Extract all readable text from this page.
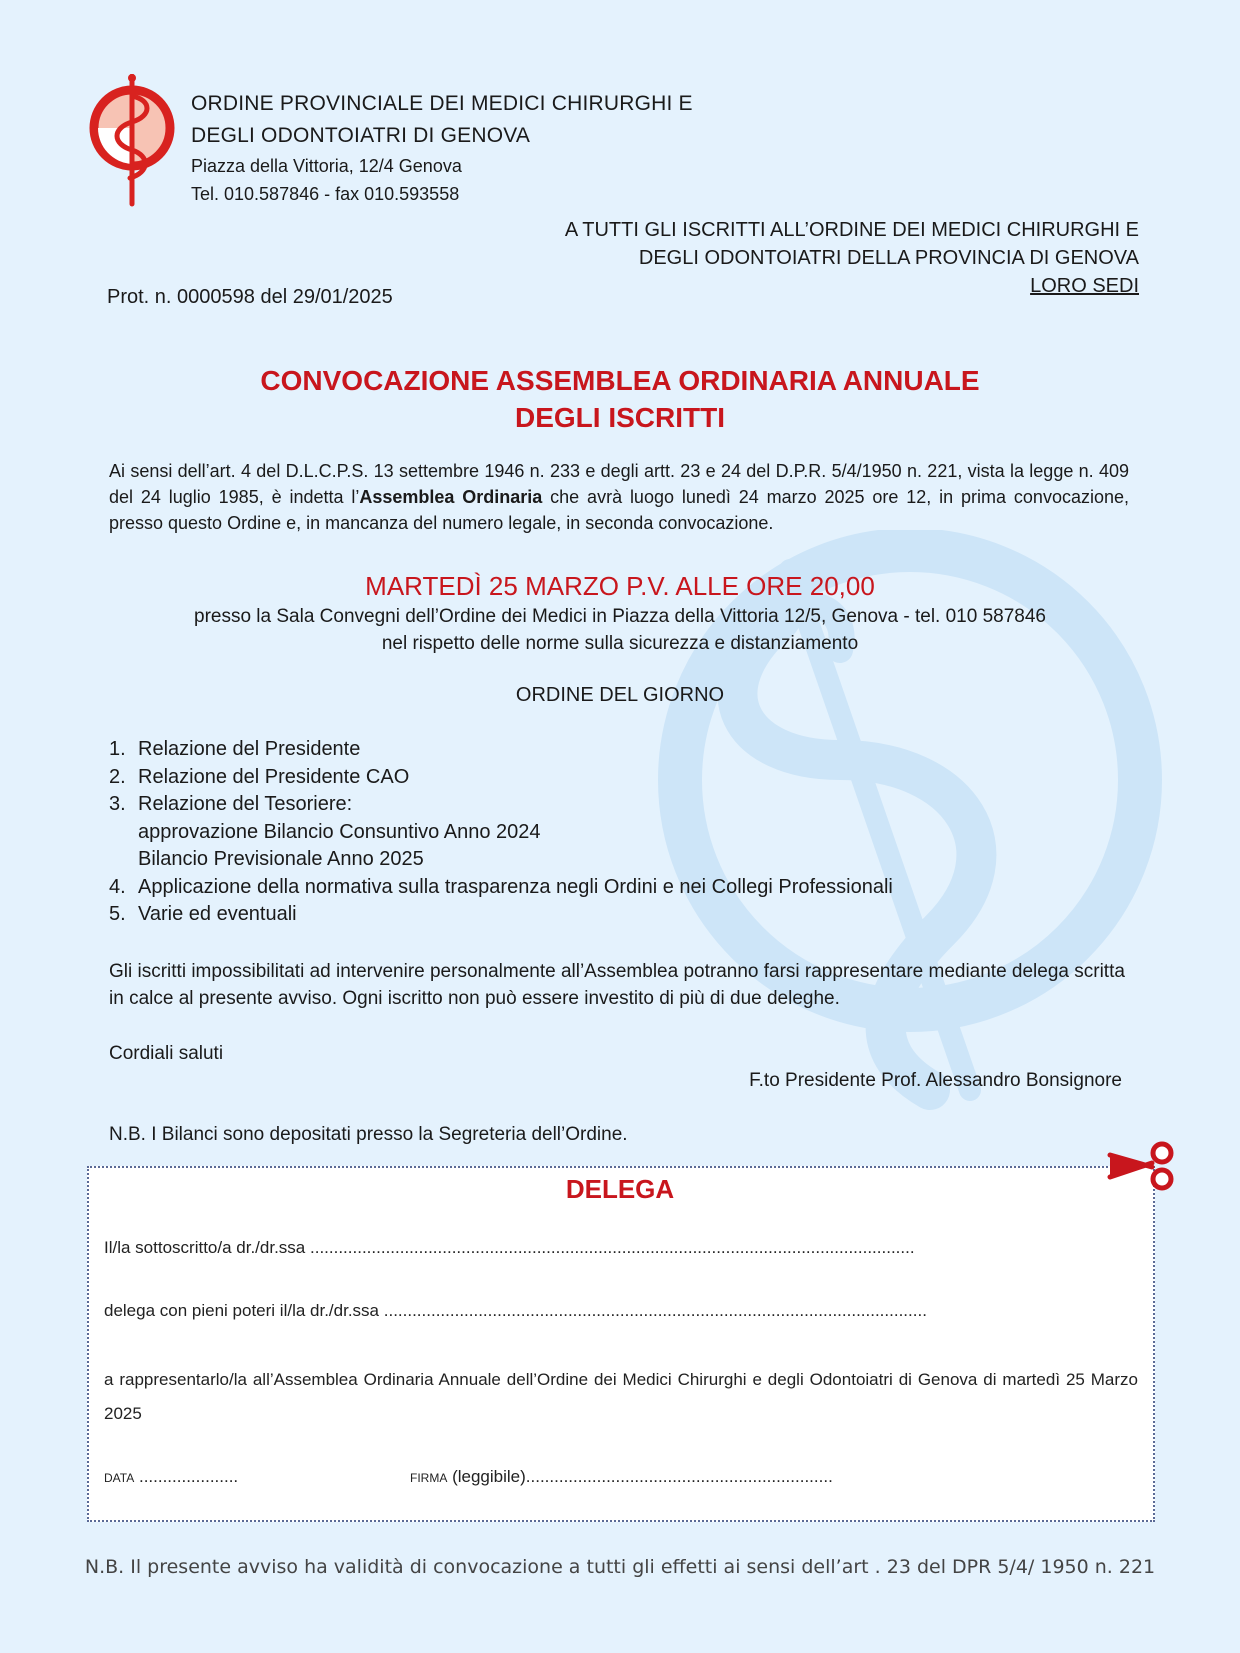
ORDINE PROVINCIALE DEI MEDICI CHIRURGHI E
DEGLI ODONTOIATRI DI GENOVA
Piazza della Vittoria, 12/4 Genova
Tel. 010.587846 - fax 010.593558
A TUTTI GLI ISCRITTI ALL’ORDINE DEI MEDICI CHIRURGHI E
DEGLI ODONTOIATRI DELLA PROVINCIA DI GENOVA
LORO SEDI
Prot. n. 0000598 del 29/01/2025
CONVOCAZIONE ASSEMBLEA ORDINARIA ANNUALE
DEGLI ISCRITTI
Ai sensi dell’art. 4 del D.L.C.P.S. 13 settembre 1946 n. 233 e degli artt. 23 e 24 del D.P.R. 5/4/1950 n. 221, vista la legge n. 409 del 24 luglio 1985, è indetta l’Assemblea Ordinaria che avrà luogo lunedì 24 marzo 2025 ore 12, in prima convocazione, presso questo Ordine e, in mancanza del numero legale, in seconda convocazione.
MARTEDÌ 25 MARZO P.V. ALLE ORE 20,00
presso la Sala Convegni dell’Ordine dei Medici in Piazza della Vittoria 12/5, Genova - tel. 010 587846
nel rispetto delle norme sulla sicurezza e distanziamento
ORDINE DEL GIORNO
1. Relazione del Presidente
2. Relazione del Presidente CAO
3. Relazione del Tesoriere:
approvazione Bilancio Consuntivo Anno 2024
Bilancio Previsionale Anno 2025
4. Applicazione della normativa sulla trasparenza negli Ordini e nei Collegi Professionali
5. Varie ed eventuali
Gli iscritti impossibilitati ad intervenire personalmente all’Assemblea potranno farsi rappresentare mediante delega scritta in calce al presente avviso. Ogni iscritto non può essere investito di più di due deleghe.
Cordiali saluti
F.to Presidente Prof. Alessandro Bonsignore
N.B. I Bilanci sono depositati presso la Segreteria dell’Ordine.
DELEGA
Il/la sottoscritto/a dr./dr.ssa ................................................................................................................................
delega con pieni poteri il/la dr./dr.ssa ...................................................................................................................
a rappresentarlo/la all’Assemblea Ordinaria Annuale dell’Ordine dei Medici Chirurghi e degli Odontoiatri di Genova di martedì 25 Marzo 2025
DATA .....................	FIRMA (leggibile).................................................................
N.B. Il presente avviso ha validità di convocazione a tutti gli effetti ai sensi dell’art . 23 del DPR 5/4/ 1950 n. 221
